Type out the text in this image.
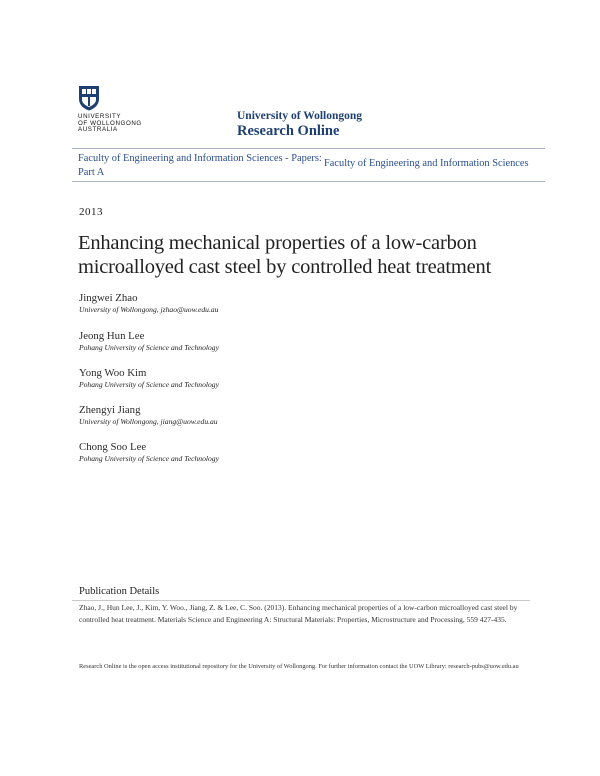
UNIVERSITY
OF WOLLONGONG
AUSTRALIA
University of Wollongong
Research Online
Faculty of Engineering and Information Sciences - Papers: Part A
Faculty of Engineering and Information Sciences
2013
Enhancing mechanical properties of a low-carbon microalloyed cast steel by controlled heat treatment
Jingwei Zhao
University of Wollongong, jzhao@uow.edu.au
Jeong Hun Lee
Pohang University of Science and Technology
Yong Woo Kim
Pohang University of Science and Technology
Zhengyi Jiang
University of Wollongong, jiang@uow.edu.au
Chong Soo Lee
Pohang University of Science and Technology
Publication Details
Zhao, J., Hun Lee, J., Kim, Y. Woo., Jiang, Z. & Lee, C. Soo. (2013). Enhancing mechanical properties of a low-carbon microalloyed cast steel by controlled heat treatment. Materials Science and Engineering A: Structural Materials: Properties, Microstructure and Processing, 559 427-435.
Research Online is the open access institutional repository for the University of Wollongong. For further information contact the UOW Library: research-pubs@uow.edu.au
